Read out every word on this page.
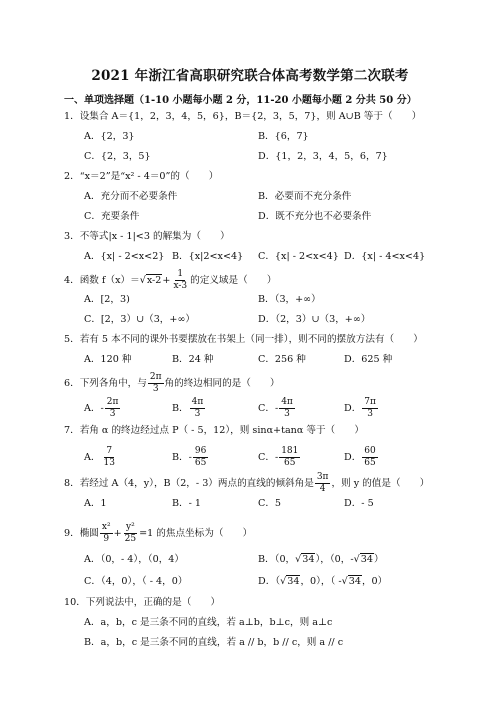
2021 年浙江省高职研究联合体高考数学第二次联考
一、单项选择题（1-10 小题每小题 2 分，11-20 小题每小题 2 分共 50 分）
1．设集合 A＝{1，2，3，4，5，6}，B＝{2，3，5，7}，则 A∪B 等于（　　）
A．{2，3}	B．{6，7}
C．{2，3，5}	D．{1，2，3，4，5，6，7}
2．“x＝2”是“x² - 4＝0”的（　　）
A．充分而不必要条件	B．必要而不充分条件
C．充要条件	D．既不充分也不必要条件
3．不等式|x - 1|<3 的解集为（　　）
A．{x| - 2<x<2} B．{x|2<x<4} C．{x| - 2<x<4} D．{x| - 4<x<4}
4．函数 $f(x)=√x-2+ \frac{1}{x-3}$ 的定义域是（　　）
A．[2，3)	B．（3，+∞）
C．[2，3）∪（3，+∞）	D．（2，3）∪（3，+∞）
5．若有 5 本不同的课外书要摆放在书架上（同一排），则不同的摆放方法有（　　）
A．120 种	B．24 种	C．256 种	D．625 种
6．下列各角中，与 $\frac{2\pi}{3}$ 角的终边相同的是（　　）
A．- $\frac{2\pi}{3}$	B． $\frac{4\pi}{3}$	C．- $\frac{4\pi}{3}$	D． $\frac{7\pi}{3}$
7．若角 α 的终边经过点 P（ - 5，12），则 sinα+tanα 等于（　　）
A． $\frac{7}{13}$	B．- $\frac{96}{65}$	C．- $\frac{181}{65}$	D． $\frac{60}{65}$
8．若经过 A（4，y），B（2，- 3）两点的直线的倾斜角是 $\frac{3\pi}{4}$ ，则 y 的值是（　　）
A．1	B．- 1	C．5	D．- 5
9．椭圆 $\frac{\text{x²}}{9} + \frac{\text{y²}}{25} =1$ 的焦点坐标为（　　）
A．（0，- 4），（0，4）	B．（0，√34），（0，-√34）
C．（4，0），（ - 4，0）	D．（√34，0），（ -√34，0）
10．下列说法中，正确的是（　　）
A．a，b，c 是三条不同的直线，若 a⊥b，b⊥c，则 a⊥c
B．a，b，c 是三条不同的直线，若 a // b，b // c，则 a // c
